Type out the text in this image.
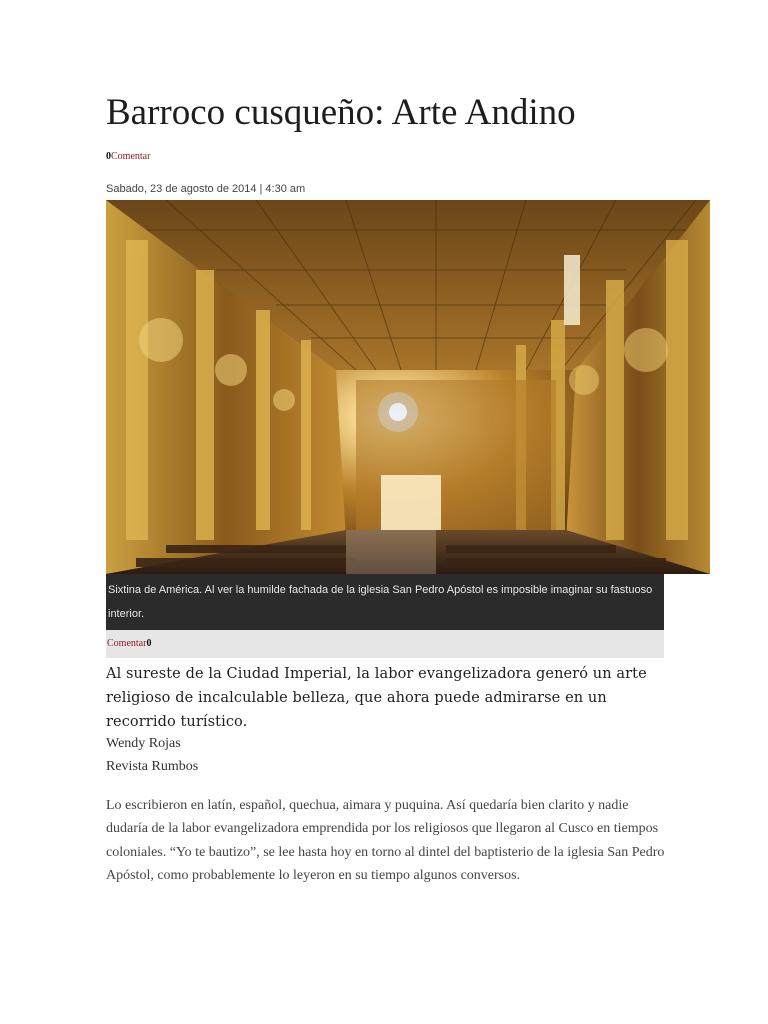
Barroco cusqueño: Arte Andino
0Comentar
Sabado, 23 de agosto de 2014 | 4:30 am
Sixtina de América. Al ver la humilde fachada de la iglesia San Pedro Apóstol es imposible imaginar su fastuoso interior.
Comentar0

Al sureste de la Ciudad Imperial, la labor evangelizadora generó un arte religioso de incalculable belleza, que ahora puede admirarse en un recorrido turístico.

Wendy Rojas
Revista Rumbos

Lo escribieron en latín, español, quechua, aimara y puquina. Así quedaría bien clarito y nadie dudaría de la labor evangelizadora emprendida por los religiosos que llegaron al Cusco en tiempos coloniales. “Yo te bautizo”, se lee hasta hoy en torno al dintel del baptisterio de la iglesia San Pedro Apóstol, como probablemente lo leyeron en su tiempo algunos conversos.
